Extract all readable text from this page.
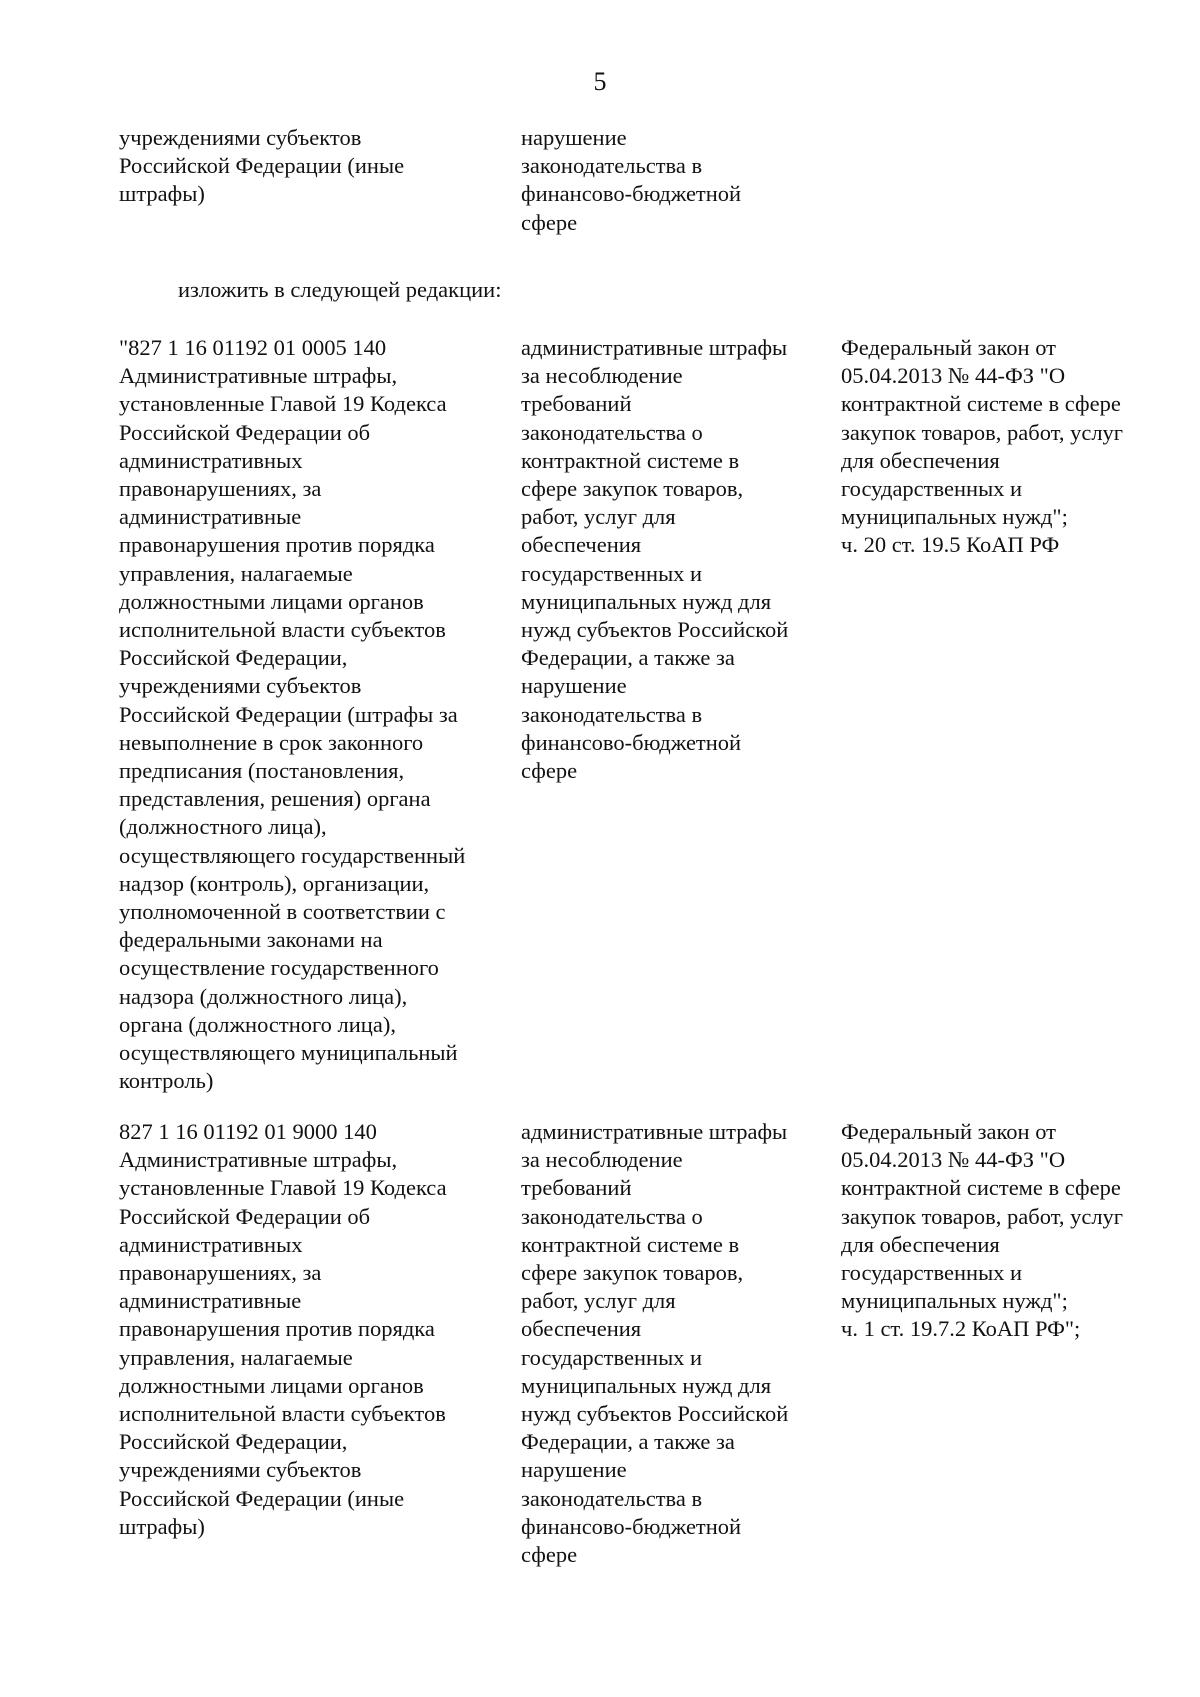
5
учреждениями субъектов
Российской Федерации (иные
штрафы)
нарушение
законодательства в
финансово-бюджетной
сфере
изложить в следующей редакции:
"827 1 16 01192 01 0005 140
Административные штрафы,
установленные Главой 19 Кодекса
Российской Федерации об
административных
правонарушениях, за
административные
правонарушения против порядка
управления, налагаемые
должностными лицами органов
исполнительной власти субъектов
Российской Федерации,
учреждениями субъектов
Российской Федерации (штрафы за
невыполнение в срок законного
предписания (постановления,
представления, решения) органа
(должностного лица),
осуществляющего государственный
надзор (контроль), организации,
уполномоченной в соответствии с
федеральными законами на
осуществление государственного
надзора (должностного лица),
органа (должностного лица),
осуществляющего муниципальный
контроль)
административные штрафы
за несоблюдение
требований
законодательства о
контрактной системе в
сфере закупок товаров,
работ, услуг для
обеспечения
государственных и
муниципальных нужд для
нужд субъектов Российской
Федерации, а также за
нарушение
законодательства в
финансово-бюджетной
сфере
Федеральный закон от
05.04.2013 № 44-ФЗ "О
контрактной системе в сфере
закупок товаров, работ, услуг
для обеспечения
государственных и
муниципальных нужд";
ч. 20 ст. 19.5 КоАП РФ
827 1 16 01192 01 9000 140
Административные штрафы,
установленные Главой 19 Кодекса
Российской Федерации об
административных
правонарушениях, за
административные
правонарушения против порядка
управления, налагаемые
должностными лицами органов
исполнительной власти субъектов
Российской Федерации,
учреждениями субъектов
Российской Федерации (иные
штрафы)
административные штрафы
за несоблюдение
требований
законодательства о
контрактной системе в
сфере закупок товаров,
работ, услуг для
обеспечения
государственных и
муниципальных нужд для
нужд субъектов Российской
Федерации, а также за
нарушение
законодательства в
финансово-бюджетной
сфере
Федеральный закон от
05.04.2013 № 44-ФЗ "О
контрактной системе в сфере
закупок товаров, работ, услуг
для обеспечения
государственных и
муниципальных нужд";
ч. 1 ст. 19.7.2 КоАП РФ";
